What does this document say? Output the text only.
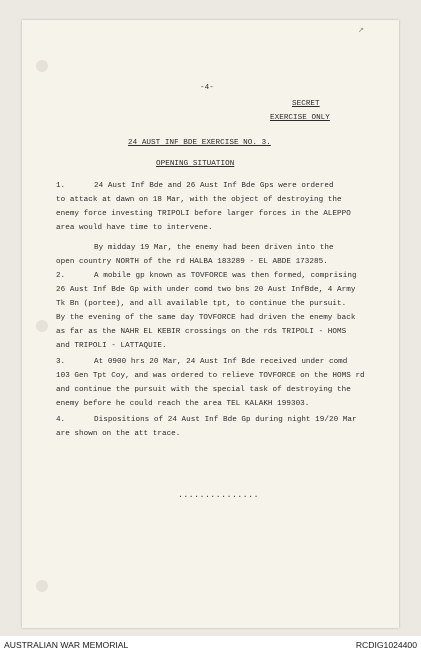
↗
-4-
SECRET
EXERCISE ONLY
24 AUST INF BDE EXERCISE NO. 3.
OPENING SITUATION
1.	24 Aust Inf Bde and 26 Aust Inf Bde Gps were ordered
to attack at dawn on 18 Mar, with the object of destroying the
enemy force investing TRIPOLI before larger forces in the ALEPPO
area would have time to intervene.
By midday 19 Mar, the enemy had been driven into the
open country NORTH of the rd HALBA 183289 - EL ABDE 173285.
2.	A mobile gp known as TOVFORCE was then formed, comprising
26 Aust Inf Bde Gp with under comd two bns 20 Aust InfBde, 4 Army
Tk Bn (portee), and all available tpt, to continue the pursuit.
By the evening of the same day TOVFORCE had driven the enemy back
as far as the NAHR EL KEBIR crossings on the rds TRIPOLI - HOMS
and TRIPOLI - LATTAQUIE.
3.	At 0900 hrs 20 Mar, 24 Aust Inf Bde received under comd
103 Gen Tpt Coy, and was ordered to relieve TOVFORCE on the HOMS rd
and continue the pursuit with the special task of destroying the
enemy before he could reach the area TEL KALAKH 199303.
4.	Dispositions of 24 Aust Inf Bde Gp during night 19/20 Mar
are shown on the att trace.
...............
AUSTRALIAN WAR MEMORIAL	RCDIG1024400
